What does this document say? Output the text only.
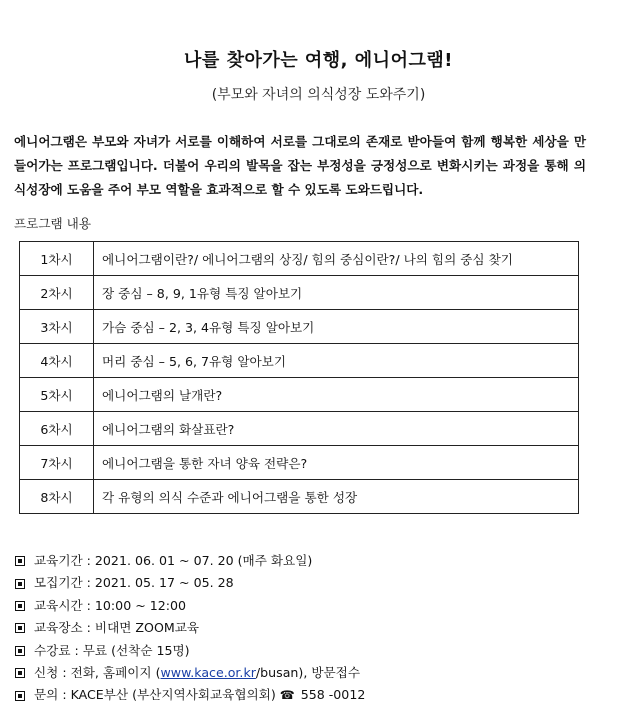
나를 찾아가는 여행, 에니어그램!
(부모와 자녀의 의식성장 도와주기)
에니어그램은 부모와 자녀가 서로를 이해하여 서로를 그대로의 존재로 받아들여 함께 행복한 세상을 만들어가는 프로그램입니다. 더불어 우리의 발목을 잡는 부정성을 긍정성으로 변화시키는 과정을 통해 의식성장에 도움을 주어 부모 역할을 효과적으로 할 수 있도록 도와드립니다.
프로그램 내용
1차시	에니어그램이란?/ 에니어그램의 상징/ 힘의 중심이란?/ 나의 힘의 중심 찾기
2차시	장 중심 – 8, 9, 1유형 특징 알아보기
3차시	가슴 중심 – 2, 3, 4유형 특징 알아보기
4차시	머리 중심 – 5, 6, 7유형 알아보기
5차시	에니어그램의 날개란?
6차시	에니어그램의 화살표란?
7차시	에니어그램을 통한 자녀 양육 전략은?
8차시	각 유형의 의식 수준과 에니어그램을 통한 성장
교육기간 : 2021. 06. 01 ~ 07. 20 (매주 화요일)
모집기간 : 2021. 05. 17 ~ 05. 28
교육시간 : 10:00 ~ 12:00
교육장소 : 비대면 ZOOM교육
수강료 : 무료 (선착순 15명)
신청 : 전화, 홈페이지 ( www.kace.or.kr /busan), 방문접수
문의 : KACE부산 (부산지역사회교육협의회) ☎ 558 -0012
